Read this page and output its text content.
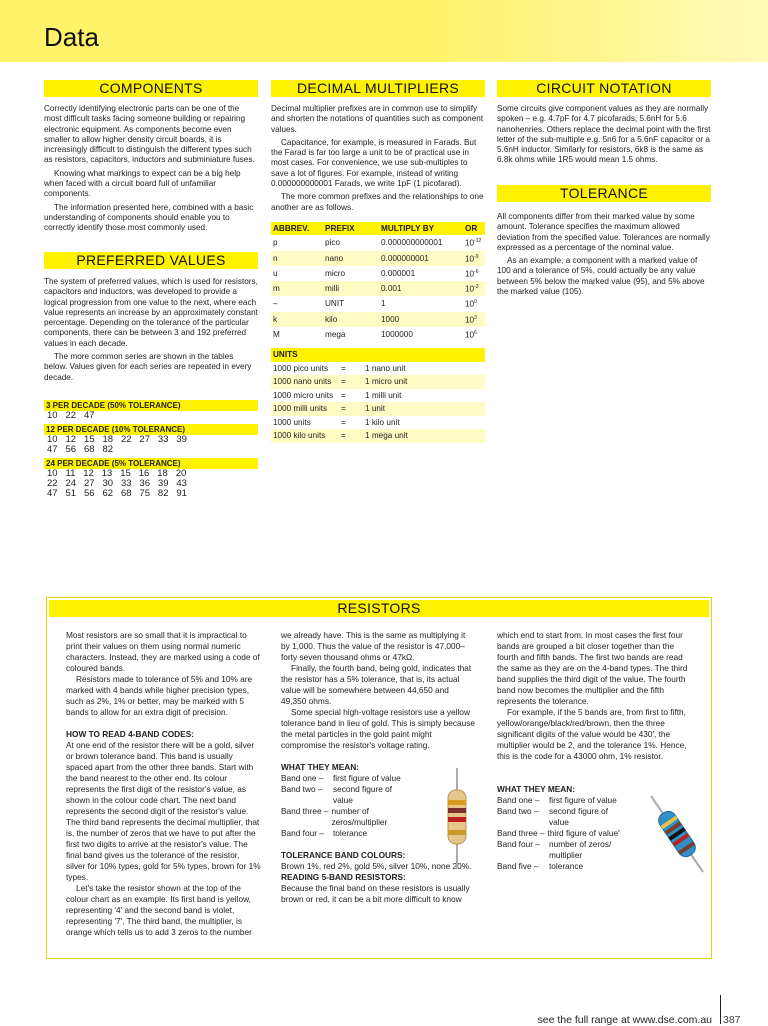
Data
COMPONENTS

Correctly identifying electronic parts can be one of the most difficult tasks facing someone building or repairing electronic equipment. As components become even smaller to allow higher density circuit boards, it is increasingly difficult to distinguish the different types such as resistors, capacitors, inductors and subminiature fuses.

Knowing what markings to expect can be a big help when faced with a circuit board full of unfamiliar components.

The information presented here, combined with a basic understanding of components should enable you to correctly identify those most commonly used.

PREFERRED VALUES

The system of preferred values, which is used for resistors, capacitors and inductors, was developed to provide a logical progression from one value to the next, where each value represents an increase by an approximately constant percentage. Depending on the tolerance of the particular components, there can be between 3 and 192 preferred values in each decade.

The more common series are shown in the tables below. Values given for each series are repeated in every decade.

3 PER DECADE (50% TOLERANCE)
10   22   47
12 PER DECADE (10% TOLERANCE)
10   12   15   18   22   27   33   39
47   56   68   82
24 PER DECADE (5% TOLERANCE)
10   11   12   13   15   16   18   20
22   24   27   30   33   36   39   43
47   51   56   62   68   75   82   91
DECIMAL MULTIPLIERS

Decimal multiplier prefixes are in common use to simplify and shorten the notations of quantities such as component values.

Capacitance, for example, is measured in Farads. But the Farad is far too large a unit to be of practical use in most cases. For convenience, we use sub-multiples to save a lot of figures. For example, instead of writing 0.000000000001 Farads, we write 1pF (1 picofarad).

The more common prefixes and the relationships to one another are as follows.

ABBREV.	PREFIX	MULTIPLY BY	OR
p	pico	0.000000000001	$10^{-12}$
n	nano	0.000000001	$10^{-9}$
u	micro	0.000001	$10^{-6}$
m	milli	0.001	$10^{-3}$
–	UNIT	1	$10^0$
k	kilo	1000	$10^3$
M	mega	1000000	$10^6$
UNITS		
1000 pico units	=	1 nano unit
1000 nano units	=	1 micro unit
1000 micro units	=	1 milli unit
1000 milli units	=	1 unit
1000 units	=	1 kilo unit
1000 kilo units	=	1 mega unit
CIRCUIT NOTATION

Some circuits give component values as they are normally spoken – e.g. 4.7pF for 4.7 picofarads, 5.6nH for 5.6 nanohenries. Others replace the decimal point with the first letter of the sub-multiple e.g. 5n6 for a 5.6nF capacitor or a 5.6nH inductor. Similarly for resistors, 6k8 is the same as 6.8k ohms while 1R5 would mean 1.5 ohms.

TOLERANCE

All components differ from their marked value by some amount. Tolerance specifies the maximum allowed deviation from the specified value. Tolerances are normally expressed as a percentage of the nominal value.

As an example, a component with a marked value of 100 and a tolerance of 5%, could actually be any value between 5% below the marked value (95), and 5% above the marked value (105).

RESISTORS

Most resistors are so small that it is impractical to print their values on them using normal numeric characters. Instead, they are marked using a code of coloured bands.

Resistors made to tolerance of 5% and 10% are marked with 4 bands while higher precision types, such as 2%, 1% or better, may be marked with 5 bands to allow for an extra digit of precision.

HOW TO READ 4-BAND CODES:

At one end of the resistor there will be a gold, silver or brown tolerance band. This band is usually spaced apart from the other three bands. Start with the band nearest to the other end. Its colour represents the first digit of the resistor's value, as shown in the colour code chart. The next band represents the second digit of the resistor's value. The third band represents the decimal multiplier, that is, the number of zeros that we have to put after the first two digits to arrive at the resistor's value. The final band gives us the tolerance of the resistor, silver for 10% types, gold for 5% types, brown for 1% types.

Let's take the resistor shown at the top of the colour chart as an example. Its first band is yellow, representing '4' and the second band is violet, representing '7'. The third band, the multiplier, is orange which tells us to add 3 zeros to the number

we already have. This is the same as multiplying it by 1,000. Thus the value of the resistor is 47,000– forty seven thousand ohms or 47kΩ.

Finally, the fourth band, being gold, indicates that the resistor has a 5% tolerance, that is, its actual value will be somewhere between 44,650 and 49,350 ohms.

Some special high-voltage resistors use a yellow tolerance band in lieu of gold. This is simply because the metal particles in the gold paint might compromise the resistor's voltage rating.

WHAT THEY MEAN:

Band one –	first figure of value
Band two –	second figure of value
Band three – number of zeros/multiplier
Band four –	tolerance

TOLERANCE BAND COLOURS:

Brown 1%, red 2%, gold 5%, silver 10%, none 20%.

READING 5-BAND RESISTORS:

Because the final band on these resistors is usually brown or red, it can be a bit more difficult to know

which end to start from. In most cases the first four bands are grouped a bit closer together than the fourth and fifth bands. The first two bands are read the same as they are on the 4-band types. The third band supplies the third digit of the value. The fourth band now becomes the multiplier and the fifth represents the tolerance.

For example, if the 5 bands are, from first to fifth, yellow/orange/black/red/brown, then the three significant digits of the value would be 430', the multiplier would be 2, and the tolerance 1%. Hence, this is the code for a 43000 ohm, 1% resistor.

WHAT THEY MEAN:

Band one –	first figure of value
Band two –	second figure of value
Band three – third figure of value'
Band four –	number of zeros/ multiplier
Band five –	tolerance
see the full range at www.dse.com.au 387
